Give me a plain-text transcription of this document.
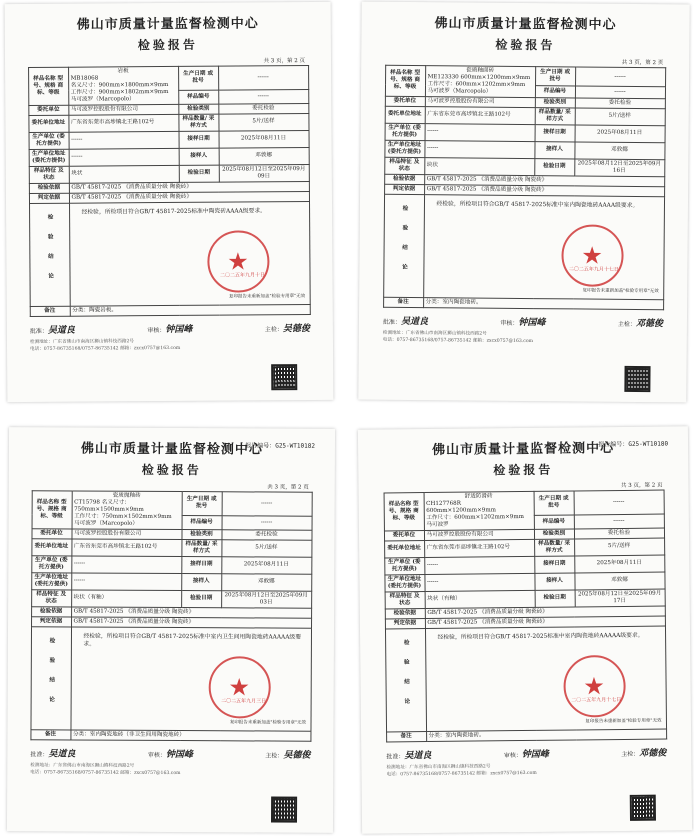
佛山市质量计量监督检测中心
检验报告
共 3 页，第 2 页
样品名称 型号、规格 商标、等级	岩板
MB18068
名义尺寸：900mm×1800mm×9mm
工作尺寸：900mm×1802mm×9mm
马可波罗（Marcopolo）	生产日期 或批号	------
		样品编号	------
委托单位	马可波罗控股股份有限公司	检验类别	委托检验
委托单位地址	广东省东莞市高埗镇北王路102号	样品数量/ 采样方式	5片/送样
生产单位 (委托方提供)	------	接样日期	2025年08月11日
生产单位地址 (委托方提供)	------	接样人	邓敦娜
样品特征 及状态	块状	检验日期	2025年08月12日至2025年09月09日
检验依据	GB/T 45817-2025 《消费品质量分级 陶瓷砖》		
判定依据	GB/T 45817-2025 《消费品质量分级 陶瓷砖》		
检验结论	经检验，所检项目符合GB/T 45817-2025标准中陶瓷砖AAAA级要求。
★
二〇二五年九月十日
复印报告未重新加盖"检验专用章"无效		

备注	分类：陶瓷岩板。		
批准：吴道良	审核：钟国峰	主检：吴德俊
检测地址：广东省佛山市南海区狮山镇科技西路2号
电话：0757-86735168/0757-86735142 邮箱：zxcx0757@163.com
佛山市质量计量监督检测中心
检验报告
共 3 页，第 2 页
样品名称 型号、规格 商标、等级	瓷质釉面砖
ME123330 600mm×1200mm×9mm
工作尺寸：600mm×1202mm×9mm
马可波罗（Marcopolo）	生产日期 或批号	------
		样品编号	------
委托单位	马可波罗控股股份有限公司	检验类别	委托检验
委托单位地址	广东省东莞市高埗镇北王路102号	样品数量/ 采样方式	5片/送样
生产单位 (委托方提供)	------	接样日期	2025年08月11日
生产单位地址 (委托方提供)	------	接样人	邓敦娜
样品特征 及状态	块状	检验日期	2025年08月12日至2025年09月16日
检验依据	GB/T 45817-2025 《消费品质量分级 陶瓷砖》		
判定依据	GB/T 45817-2025 《消费品质量分级 陶瓷砖》		
检验结论	经检验，所检项目符合GB/T 45817-2025标准中室内陶瓷地砖AAAA级要求。
★
二〇二五年九月十七日
复印报告未重新加盖"检验专用章"无效		

备注	分类：室内陶瓷地砖。		
批准：吴道良	审核：钟国峰	主检：邓德俊
检测地址：广东省佛山市南海区狮山镇科技西路2号
电话：0757-86735168/0757-86735142 邮箱：zxcx0757@163.com
报告编号：G25-WT10182
佛山市质量计量监督检测中心
检验报告
共 3 页，第 2 页
样品名称 型号、规格 商标、等级	瓷质抛釉砖
CT15798 名义尺寸：750mm×1500mm×9mm
工作尺寸：750mm×1502mm×9mm
马可波罗（Marcopolo）	生产日期 或批号	------
		样品编号	------
委托单位	马可波罗控股股份有限公司	检验类别	委托检验
委托单位地址	广东省东莞市高埗镇北王路102号	样品数量/ 采样方式	5片/送样
生产单位 (委托方提供)	------	接样日期	2025年08月11日
生产单位地址 (委托方提供)	------	接样人	邓敦娜
样品特征 及状态	块状（有釉）	检验日期	2025年08月12日至2025年09月03日
检验依据	GB/T 45817-2025 《消费品质量分级 陶瓷砖》		
判定依据	GB/T 45817-2025 《消费品质量分级 陶瓷砖》		
检验结论	经检验，所检项目符合GB/T 45817-2025标准中室内卫生间用陶瓷地砖AAAAA级要求。
★
二〇二五年九月三日
复印报告未重新加盖"检验专用章"无效		

备注	分类：室内陶瓷地砖（非卫生间用陶瓷地砖）		
批准：吴道良	审核：钟国峰	主检：吴德俊
检测地址：广东省佛山市南海区狮山镇科技西路2号
电话：0757-86735168/0757-86735142 邮箱：zxcx0757@163.com
报告编号：G25-WT10180
佛山市质量计量监督检测中心
检验报告
共 3 页，第 2 页
样品名称 型号、规格 商标、等级	舒适防滑砖
CH127768R 600mm×1200mm×9mm
工作尺寸：600mm×1202mm×9mm
马可波罗	生产日期 或批号	------
		样品编号	------
委托单位	马可波罗控股股份有限公司	检验类别	委托检验
委托单位地址	广东省东莞市高埗镇北王路102号	样品数量/ 采样方式	5片/送样
生产单位 (委托方提供)	------	接样日期	2025年08月11日
生产单位地址 (委托方提供)	------	接样人	邓敦娜
样品特征 及状态	块状（有釉）	检验日期	2025年08月12日至2025年09月17日
检验依据	GB/T 45817-2025 《消费品质量分级 陶瓷砖》		
判定依据	GB/T 45817-2025 《消费品质量分级 陶瓷砖》		
检验结论	经检验，所检项目符合GB/T 45817-2025标准中室内陶瓷地砖AAAAA级要求。
★
二〇二五年九月十七日
复印报告未重新加盖"检验专用章"无效		

备注	分类：室内陶瓷地砖。		
批准：吴道良	审核：钟国峰	主检：邓德俊
检测地址：广东省佛山市南海区狮山镇科技西路2号
电话：0757-86735168/0757-86735142 邮箱：zxcx0757@163.com
